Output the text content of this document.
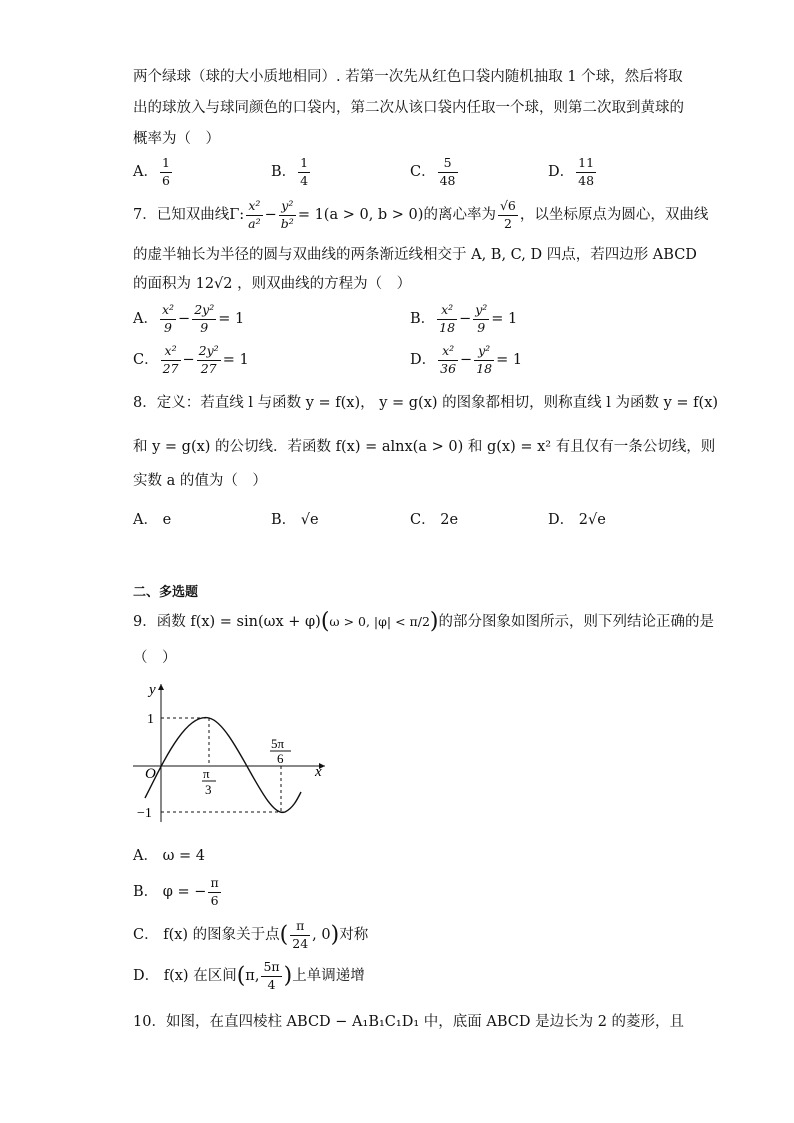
两个绿球（球的大小质地相同）. 若第一次先从红色口袋内随机抽取 1 个球，然后将取
出的球放入与球同颜色的口袋内，第二次从该口袋内任取一个球，则第二次取到黄球的
概率为（　）
A． $\frac{1}{6}$	B． $\frac{1}{4}$	C． $\frac{5}{48}$	D． $\frac{11}{48}$
7．已知双曲线Γ: $\frac{\text{x²}}{\text{a²}} - \frac{\text{y²}}{\text{b²}} = 1(a > 0$, b > 0)的离心率为 $\frac{√6}{2}$ ，以坐标原点为圆心，双曲线
的虚半轴长为半径的圆与双曲线的两条渐近线相交于 A, B, C, D 四点，若四边形 ABCD
的面积为 12√2 ，则双曲线的方程为（　）
A． $\frac{\text{x²}}{9} - \frac{\text{2y²}}{9} = 1$	B． $\frac{\text{x²}}{18} - \frac{\text{y²}}{9} = 1$
C． $\frac{\text{x²}}{27} - \frac{\text{2y²}}{27} = 1$	D． $\frac{\text{x²}}{36} - \frac{\text{y²}}{18} = 1$
8．定义：若直线 l 与函数 y = f(x)， y = g(x) 的图象都相切，则称直线 l 为函数 y = f(x)
和 y = g(x) 的公切线．若函数 f(x) = alnx(a > 0) 和 g(x) = x² 有且仅有一条公切线，则
实数 a 的值为（　）
A． e	B． √e	C． 2e	D． 2√e
二、多选题
9．函数 f(x) = sin(ωx + φ)(ω > 0, |φ| < π/2)的部分图象如图所示，则下列结论正确的是
（　）
y
x
O
1
−1
π
3
5π
6
A． ω = 4
B． φ = − $\frac{\pi}{6}$
C． f(x) 的图象关于点( $\frac{\pi}{24}$ , 0)对称
D． f(x) 在区间(π, $\frac{5\pi}{4}$ )上单调递增
10．如图，在直四棱柱 ABCD − A₁B₁C₁D₁ 中，底面 ABCD 是边长为 2 的菱形，且
